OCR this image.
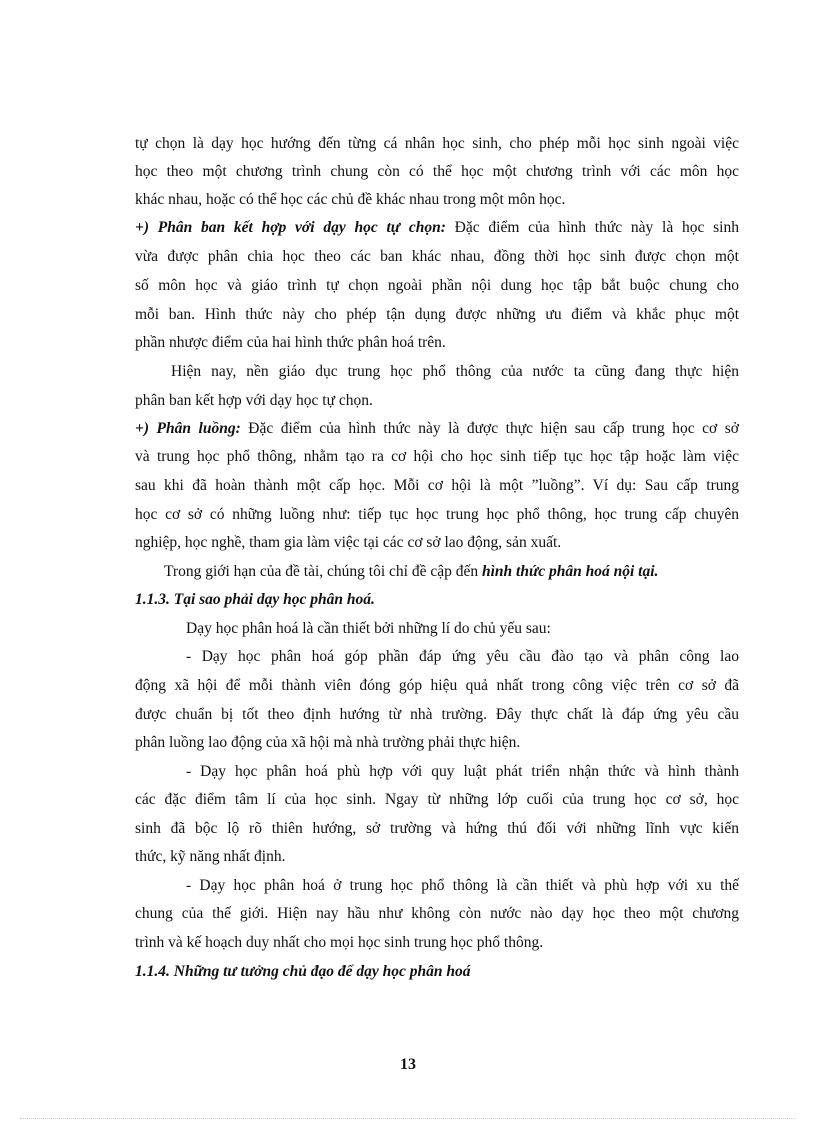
tự chọn là dạy học hướng đến từng cá nhân học sinh, cho phép mỗi học sinh ngoài việc
học theo một chương trình chung còn có thể học một chương trình với các môn học
khác nhau, hoặc có thể học các chủ đề khác nhau trong một môn học.
+) Phân ban kết hợp với dạy học tự chọn: Đặc điểm của hình thức này là học sinh
vừa được phân chia học theo các ban khác nhau, đồng thời học sinh được chọn một
số môn học và giáo trình tự chọn ngoài phần nội dung học tập bắt buộc chung cho
mỗi ban. Hình thức này cho phép tận dụng được những ưu điểm và khắc phục một
phần nhược điểm của hai hình thức phân hoá trên.
Hiện nay, nền giáo dục trung học phổ thông của nước ta cũng đang thực hiện
phân ban kết hợp với dạy học tự chọn.
+) Phân luồng: Đặc điểm của hình thức này là được thực hiện sau cấp trung học cơ sở
và trung học phổ thông, nhằm tạo ra cơ hội cho học sinh tiếp tục học tập hoặc làm việc
sau khi đã hoàn thành một cấp học. Mỗi cơ hội là một ”luồng”. Ví dụ: Sau cấp trung
học cơ sở có những luồng như: tiếp tục học trung học phổ thông, học trung cấp chuyên
nghiệp, học nghề, tham gia làm việc tại các cơ sở lao động, sản xuất.
Trong giới hạn của đề tài, chúng tôi chỉ đề cập đến hình thức phân hoá nội tại.
1.1.3. Tại sao phải dạy học phân hoá.
Dạy học phân hoá là cần thiết bởi những lí do chủ yếu sau:
- Dạy học phân hoá góp phần đáp ứng yêu cầu đào tạo và phân công lao
động xã hội để mỗi thành viên đóng góp hiệu quả nhất trong công việc trên cơ sở đã
được chuẩn bị tốt theo định hướng từ nhà trường. Đây thực chất là đáp ứng yêu cầu
phân luồng lao động của xã hội mà nhà trường phải thực hiện.
- Dạy học phân hoá phù hợp với quy luật phát triển nhận thức và hình thành
các đặc điểm tâm lí của học sinh. Ngay từ những lớp cuối của trung học cơ sở, học
sinh đã bộc lộ rõ thiên hướng, sở trường và hứng thú đối với những lĩnh vực kiến
thức, kỹ năng nhất định.
- Dạy học phân hoá ở trung học phổ thông là cần thiết và phù hợp với xu thế
chung của thế giới. Hiện nay hầu như không còn nước nào dạy học theo một chương
trình và kế hoạch duy nhất cho mọi học sinh trung học phổ thông.
1.1.4. Những tư tưởng chủ đạo để dạy học phân hoá
13
